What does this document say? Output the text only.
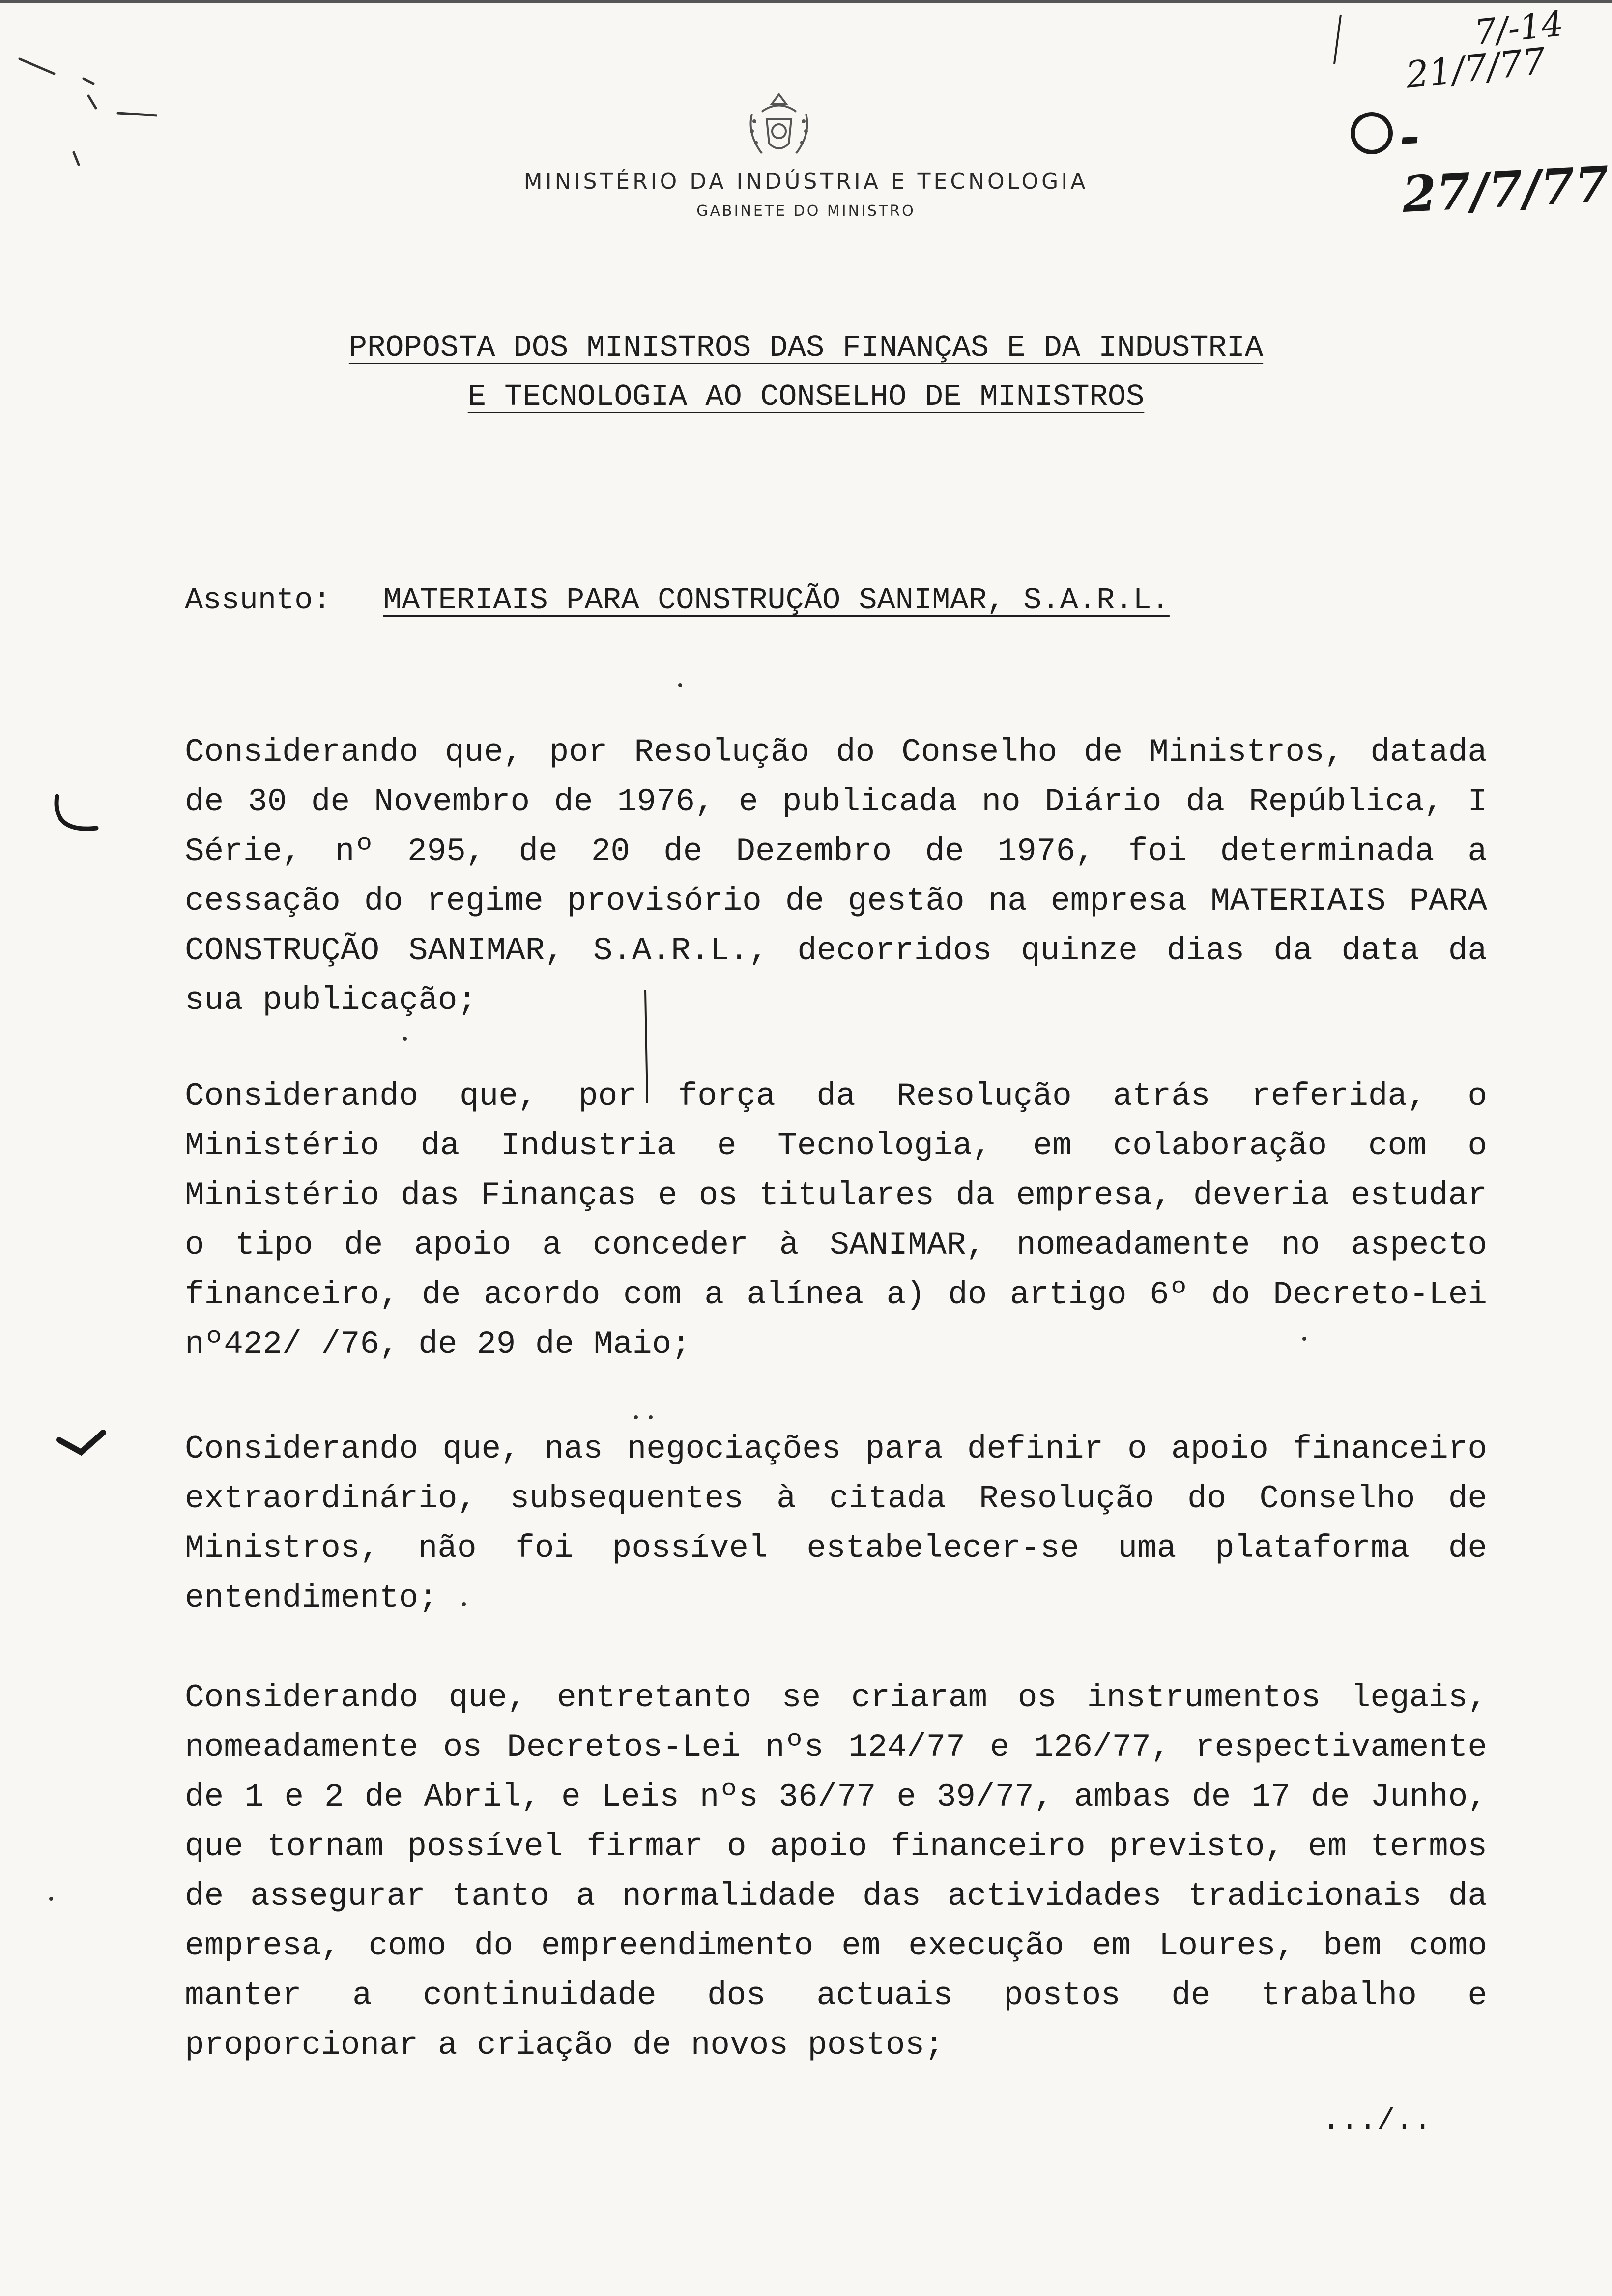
MINISTÉRIO DA INDÚSTRIA E TECNOLOGIA
GABINETE DO MINISTRO
7/-14
21/7/77
- 27/7/77
PROPOSTA DOS MINISTROS DAS FINANÇAS E DA INDUSTRIA
E TECNOLOGIA AO CONSELHO DE MINISTROS
Assunto: MATERIAIS PARA CONSTRUÇÃO SANIMAR, S.A.R.L.
Considerando que, por Resolução do Conselho de Ministros, datada de 30 de Novembro de 1976, e publicada no Diário da República, I Série, nº 295, de 20 de Dezembro de 1976, foi determinada a cessação do regime provisório de gestão na empresa MATERIAIS PARA CONSTRUÇÃO SANIMAR, S.A.R.L., decorridos quinze dias da data da sua publicação;
Considerando que, por força da Resolução atrás referida, o Ministério da Industria e Tecnologia, em colaboração com o Ministério das Finanças e os titulares da empresa, deveria estudar o tipo de apoio a conceder à SANIMAR, nomeadamente no aspecto financeiro, de acordo com a alínea a) do artigo 6º do Decreto-Lei nº422/ /76, de 29 de Maio;
Considerando que, nas negociações para definir o apoio financeiro extraordinário, subsequentes à citada Resolução do Conselho de Ministros, não foi possível estabelecer-se uma plataforma de entendimento;
Considerando que, entretanto se criaram os instrumentos legais, nomeadamente os Decretos-Lei nºs 124/77 e 126/77, respectivamente de 1 e 2 de Abril, e Leis nºs 36/77 e 39/77, ambas de 17 de Junho, que tornam possível firmar o apoio financeiro previsto, em termos de assegurar tanto a normalidade das actividades tradicionais da empresa, como do empreendimento em execução em Loures, bem como manter a continuidade dos actuais postos de trabalho e proporcionar a criação de novos postos;
.../..
